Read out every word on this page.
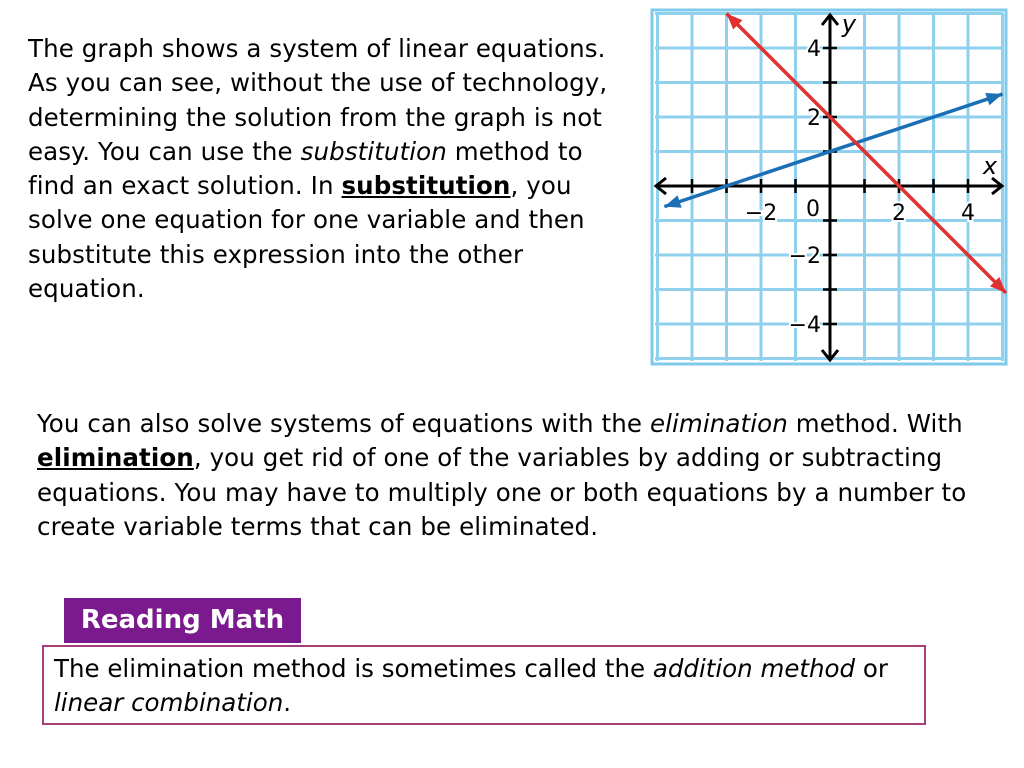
The graph shows a system of linear equations. As you can see, without the use of technology, determining the solution from the graph is not easy. You can use the substitution method to find an exact solution. In substitution, you solve one equation for one variable and then substitute this expression into the other equation.

−2	2	4
4
2
−2
−4
0
x
y

You can also solve systems of equations with the elimination method. With elimination, you get rid of one of the variables by adding or subtracting equations. You may have to multiply one or both equations by a number to create variable terms that can be eliminated.

Reading Math
The elimination method is sometimes called the addition method or linear combination.
